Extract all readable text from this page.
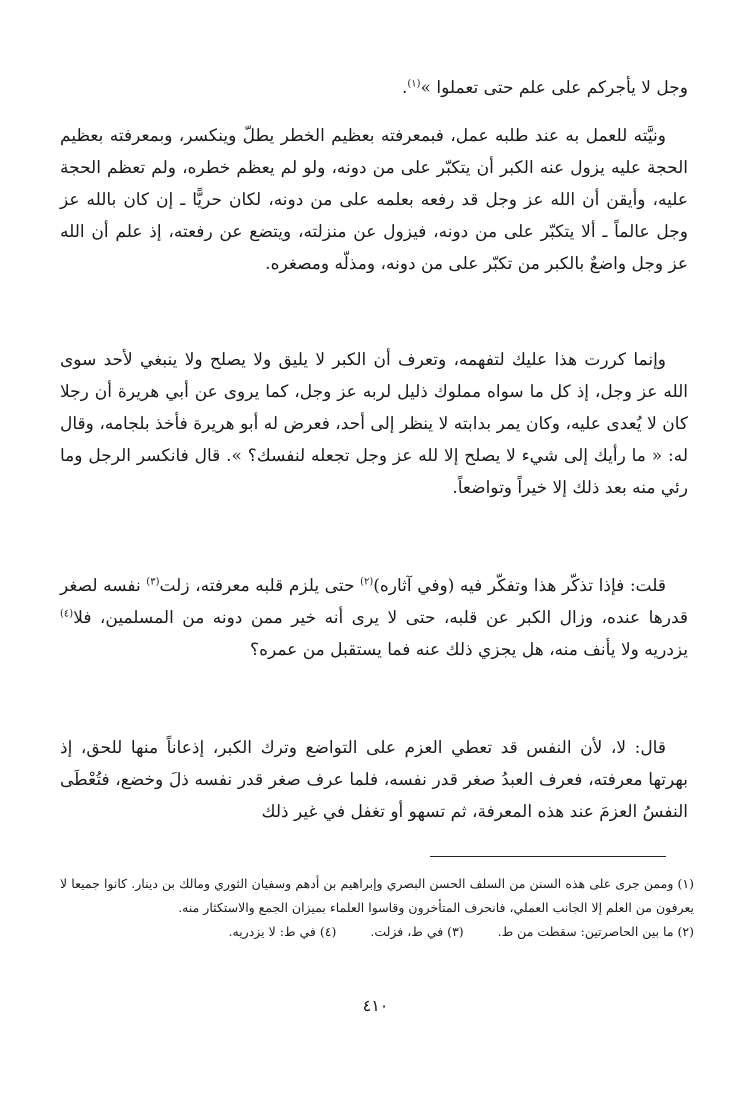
وجل لا يأجركم على علم حتى تعملوا »$^{(١)}$.

ونيَّته للعمل به عند طلبه عمل، فبمعرفته بعظيم الخطر يطلّ وينكسر، وبمعرفته بعظيم الحجة عليه يزول عنه الكبر أن يتكبّر على من دونه، ولو لم يعظم خطره، ولم تعظم الحجة عليه، وأيقن أن الله عز وجل قد رفعه بعلمه على من دونه، لكان حريًّا ـ إن كان بالله عز وجل عالماً ـ ألا يتكبّر على من دونه، فيزول عن منزلته، ويتضع عن رفعته، إذ علم أن الله عز وجل واضعٌ بالكبر من تكبّر على من دونه، ومذلّه ومصغره.

وإنما كررت هذا عليك لتفهمه، وتعرف أن الكبر لا يليق ولا يصلح ولا ينبغي لأحد سوى الله عز وجل، إذ كل ما سواه مملوك ذليل لربه عز وجل، كما يروى عن أبي هريرة أن رجلا كان لا يُعدى عليه، وكان يمر بدابته لا ينظر إلى أحد، فعرض له أبو هريرة فأخذ بلجامه، وقال له: « ما رأيك إلى شيء لا يصلح إلا لله عز وجل تجعله لنفسك؟ ». قال فانكسر الرجل وما رئي منه بعد ذلك إلا خيراً وتواضعاً.

قلت: فإذا تذكّر هذا وتفكّر فيه (وفي آثاره)$^{(٢)}$ حتى يلزم قلبه معرفته، زلت$^{(٣)}$ نفسه لصغر قدرها عنده، وزال الكبر عن قلبه، حتى لا يرى أنه خير ممن دونه من المسلمين، فلا$^{(٤)}$ يزدريه ولا يأنف منه، هل يجزي ذلك عنه فما يستقبل من عمره؟

قال: لا، لأن النفس قد تعطي العزم على التواضع وترك الكبر، إذعاناً منها للحق، إذ بهرتها معرفته، فعرف العبدُ صغر قدر نفسه، فلما عرف صغر قدر نفسه ذلَ وخضع، فتُعْطَى النفسُ العزمَ عند هذه المعرفة، ثم تسهو أو تغفل في غير ذلك

(١) وممن جرى على هذه السنن من السلف الحسن البصري وإبراهيم بن أدهم وسفيان الثوري ومالك بن دينار. كانوا جميعا لا يعرفون من العلم إلا الجانب العملي، فانحرف المتأخرون وقاسوا العلماء بميزان الجمع والاستكثار منه.

(٢) ما بين الحاصرتين: سقطت من ط.
(٣) في ط، فزلت.
(٤) في ط: لا يزدريه.
٤١٠
